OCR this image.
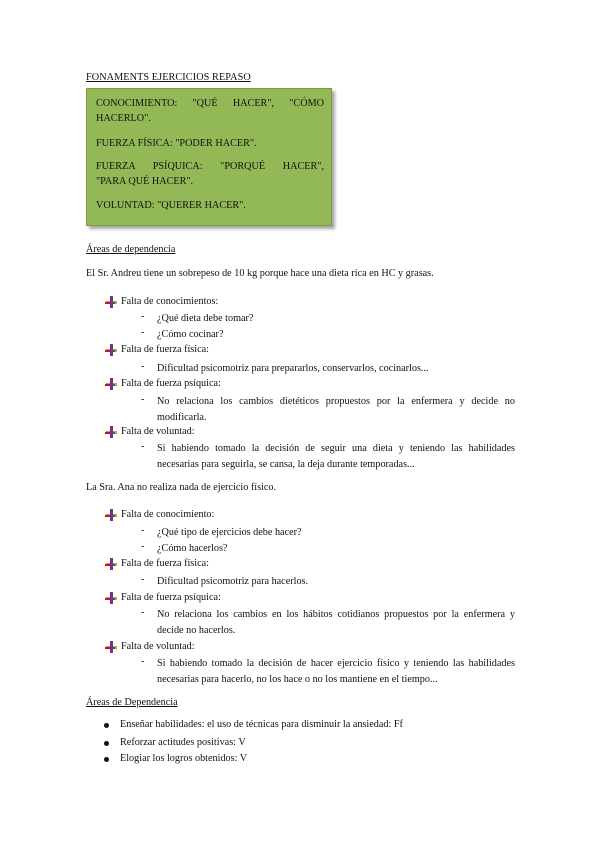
FONAMENTS EJERCICIOS REPASO
CONOCIMIENTO: "QUÉ HACER", "CÓMO
HACERLO".
FUERZA FÍSICA: "PODER HACER".
FUERZA PSÍQUICA: "PORQUÉ HACER",
"PARA QUÉ HACER".
VOLUNTAD: "QUERER HACER".
Áreas de dependencia
El Sr. Andreu tiene un sobrepeso de 10 kg porque hace una dieta rica en HC y grasas.
Falta de conocimientos:
- ¿Qué dieta debe tomar?
- ¿Cómo cocinar?
Falta de fuerza física:
- Dificultad psicomotriz para prepararlos, conservarlos, cocinarlos...
Falta de fuerza psíquica:
- No relaciona los cambios dietéticos propuestos por la enfermera y decide no modificarla.
Falta de voluntad:
- Si habiendo tomado la decisión de seguir una dieta y teniendo las habilidades necesarias para seguirla, se cansa, la deja durante temporadas...
La Sra. Ana no realiza nada de ejercicio físico.
Falta de conocimiento:
- ¿Qué tipo de ejercicios debe hacer?
- ¿Cómo hacerlos?
Falta de fuerza física:
- Dificultad psicomotriz para hacerlos.
Falta de fuerza psíquica:
- No relaciona los cambios en los hábitos cotidianos propuestos por la enfermera y decide no hacerlos.
Falta de voluntad:
- Si habiendo tomado la decisión de hacer ejercicio físico y teniendo las habilidades necesarias para hacerlo, no los hace o no los mantiene en el tiempo...
Áreas de Dependencia
Enseñar habilidades: el uso de técnicas para disminuir la ansiedad: Ff
Reforzar actitudes positivas: V
Elogiar los logros obtenidos: V
